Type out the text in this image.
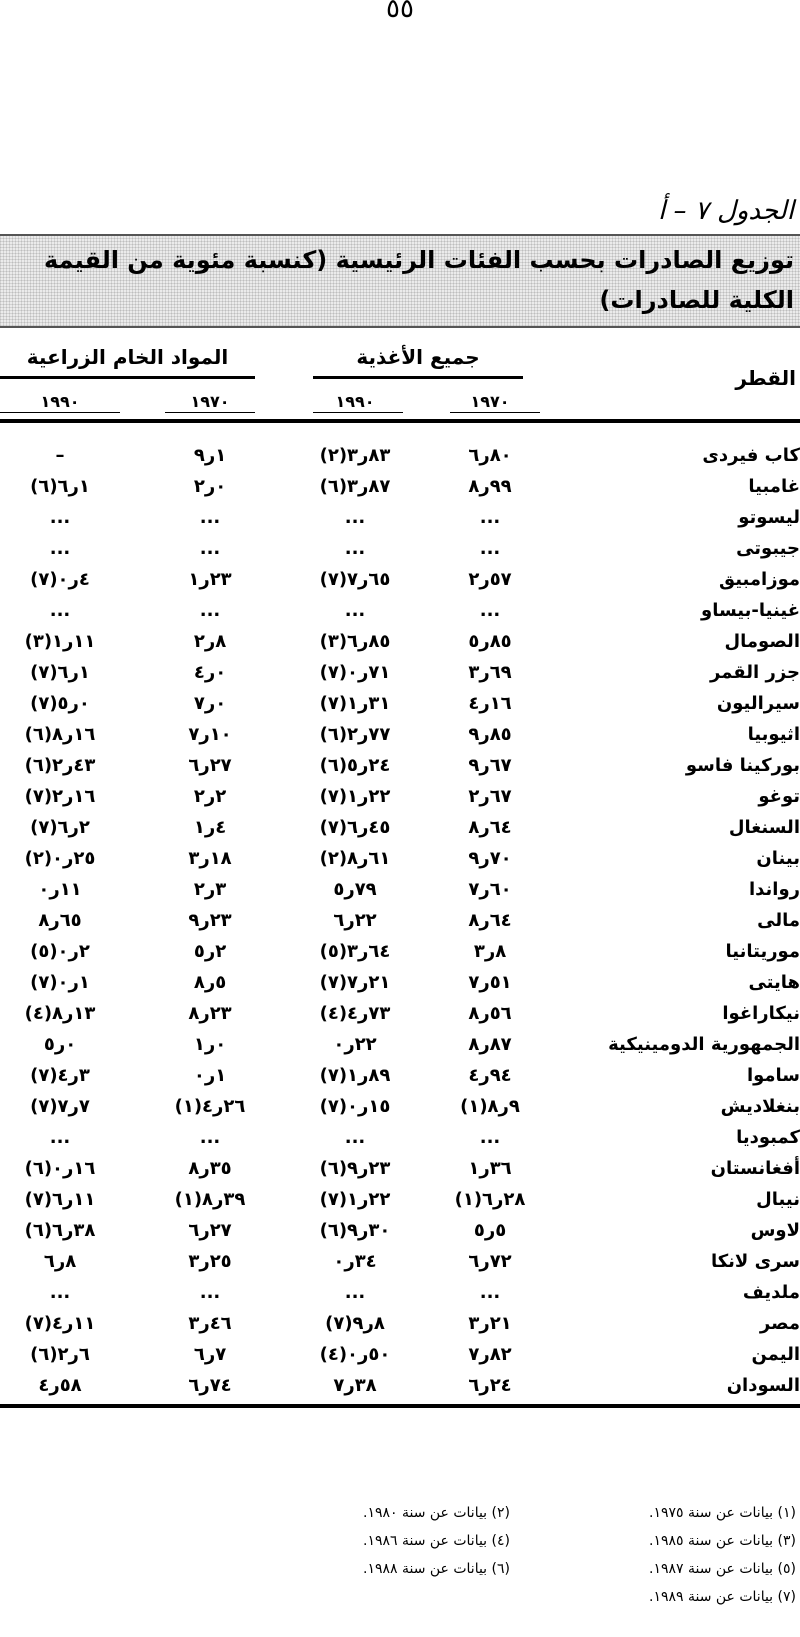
٥٥
الجدول ٧ – أ
توزيع الصادرات بحسب الفئات الرئيسية (كنسبة مئوية من القيمة الكلية للصادرات)
القطر
جميع الأغذية
المواد الخام الزراعية
١٩٧٠
١٩٩٠
١٩٧٠
١٩٩٠
كاب فيردى
٨٠ر٦
٨٣ر٣(٢)
١ر٩
–
غامبيا
٩٩ر٨
٨٧ر٣(٦)
٠ر٢
١ر٦(٦)
ليسوتو
...
...
...
...
جيبوتى
...
...
...
...
موزامبيق
٥٧ر٢
٦٥ر٧(٧)
٢٣ر١
٤ر٠(٧)
غينيا-بيساو
...
...
...
...
الصومال
٨٥ر٥
٨٥ر٦(٣)
٨ر٢
١١ر١(٣)
جزر القمر
٦٩ر٣
٧١ر٠(٧)
٠ر٤
١ر٦(٧)
سيراليون
١٦ر٤
٣١ر١(٧)
٠ر٧
٠ر٥(٧)
اثيوبيا
٨٥ر٩
٧٧ر٢(٦)
١٠ر٧
١٦ر٨(٦)
بوركينا فاسو
٦٧ر٩
٢٤ر٥(٦)
٢٧ر٦
٤٣ر٢(٦)
توغو
٦٧ر٢
٢٢ر١(٧)
٢ر٢
١٦ر٢(٧)
السنغال
٦٤ر٨
٤٥ر٦(٧)
٤ر١
٢ر٦(٧)
بينان
٧٠ر٩
٦١ر٨(٢)
١٨ر٣
٢٥ر٠(٢)
رواندا
٦٠ر٧
٧٩ر٥
٣ر٢
١١ر٠
مالى
٦٤ر٨
٢٢ر٦
٢٣ر٩
٦٥ر٨
موريتانيا
٨ر٣
٦٤ر٣(٥)
٢ر٥
٢ر٠(٥)
هايتى
٥١ر٧
٢١ر٧(٧)
٥ر٨
١ر٠(٧)
نيكاراغوا
٥٦ر٨
٧٣ر٤(٤)
٢٣ر٨
١٣ر٨(٤)
الجمهورية الدومينيكية
٨٧ر٨
٢٢ر٠
٠ر١
٠ر٥
ساموا
٩٤ر٤
٨٩ر١(٧)
١ر٠
٣ر٤(٧)
بنغلاديش
٩ر٨(١)
١٥ر٠(٧)
٢٦ر٤(١)
٧ر٧(٧)
كمبوديا
...
...
...
...
أفغانستان
٣٦ر١
٢٣ر٩(٦)
٣٥ر٨
١٦ر٠(٦)
نيبال
٢٨ر٦(١)
٢٢ر١(٧)
٣٩ر٨(١)
١١ر٦(٧)
لاوس
٥ر٥
٣٠ر٩(٦)
٢٧ر٦
٣٨ر٦(٦)
سرى لانكا
٧٢ر٦
٣٤ر٠
٢٥ر٣
٨ر٦
ملديف
...
...
...
...
مصر
٢١ر٣
٨ر٩(٧)
٤٦ر٣
١١ر٤(٧)
اليمن
٨٢ر٧
٥٠ر٠(٤)
٧ر٦
٦ر٢(٦)
السودان
٢٤ر٦
٣٨ر٧
٧٤ر٦
٥٨ر٤
(١) بيانات عن سنة ١٩٧٥.
(٢) بيانات عن سنة ١٩٨٠.
(٣) بيانات عن سنة ١٩٨٥.
(٤) بيانات عن سنة ١٩٨٦.
(٥) بيانات عن سنة ١٩٨٧.
(٦) بيانات عن سنة ١٩٨٨.
(٧) بيانات عن سنة ١٩٨٩.
